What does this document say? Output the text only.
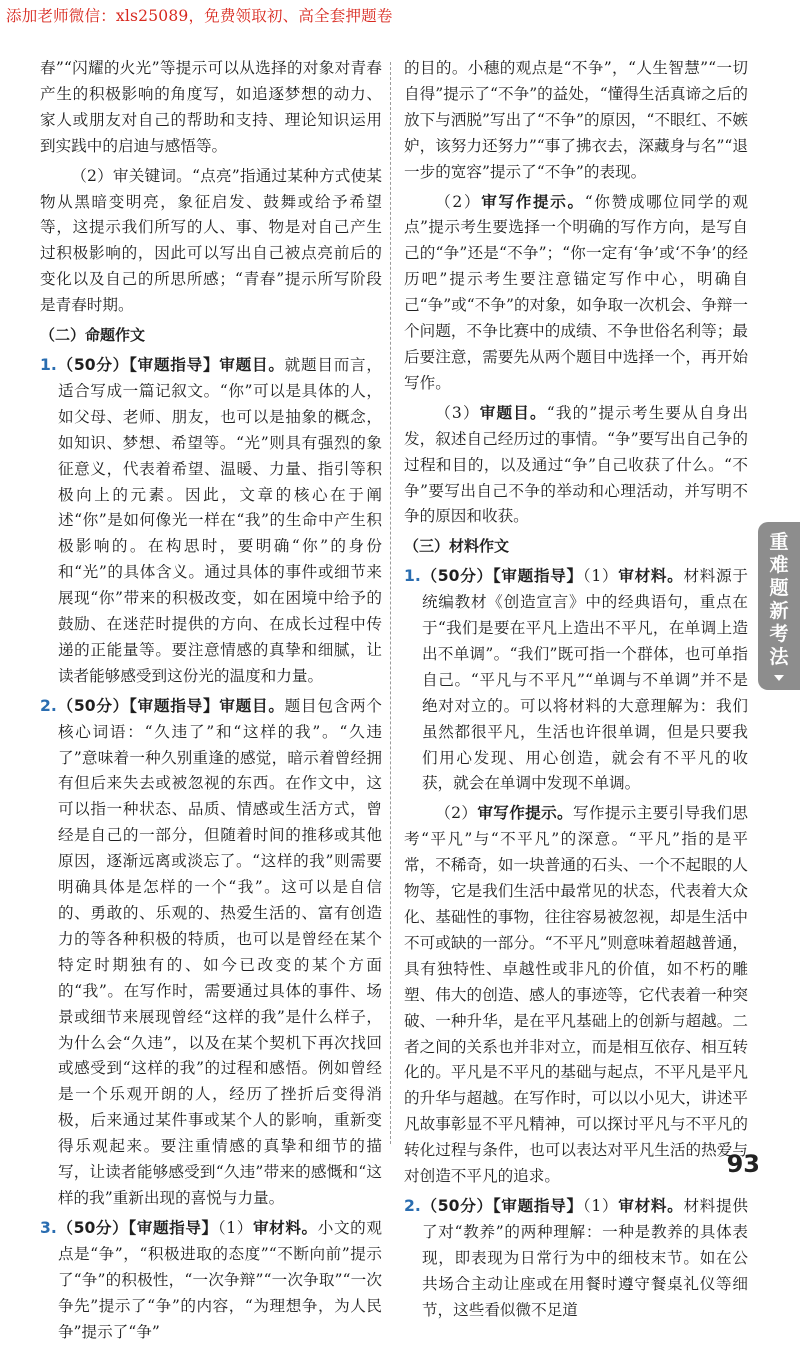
添加老师微信：xls25089，免费领取初、高全套押题卷

春”“闪耀的火光”等提示可以从选择的对象对青春产生的积极影响的角度写，如追逐梦想的动力、家人或朋友对自己的帮助和支持、理论知识运用到实践中的启迪与感悟等。

（2）审关键词。“点亮”指通过某种方式使某物从黑暗变明亮，象征启发、鼓舞或给予希望等，这提示我们所写的人、事、物是对自己产生过积极影响的，因此可以写出自己被点亮前后的变化以及自己的所思所感；“青春”提示所写阶段是青春时期。

（二）命题作文

1.（50分）【审题指导】审题目。就题目而言，适合写成一篇记叙文。“你”可以是具体的人，如父母、老师、朋友，也可以是抽象的概念，如知识、梦想、希望等。“光”则具有强烈的象征意义，代表着希望、温暖、力量、指引等积极向上的元素。因此，文章的核心在于阐述“你”是如何像光一样在“我”的生命中产生积极影响的。在构思时，要明确“你”的身份和“光”的具体含义。通过具体的事件或细节来展现“你”带来的积极改变，如在困境中给予的鼓励、在迷茫时提供的方向、在成长过程中传递的正能量等。要注意情感的真挚和细腻，让读者能够感受到这份光的温度和力量。

2.（50分）【审题指导】审题目。题目包含两个核心词语：“久违了”和“这样的我”。“久违了”意味着一种久别重逢的感觉，暗示着曾经拥有但后来失去或被忽视的东西。在作文中，这可以指一种状态、品质、情感或生活方式，曾经是自己的一部分，但随着时间的推移或其他原因，逐渐远离或淡忘了。“这样的我”则需要明确具体是怎样的一个“我”。这可以是自信的、勇敢的、乐观的、热爱生活的、富有创造力的等各种积极的特质，也可以是曾经在某个特定时期独有的、如今已改变的某个方面的“我”。在写作时，需要通过具体的事件、场景或细节来展现曾经“这样的我”是什么样子，为什么会“久违”，以及在某个契机下再次找回或感受到“这样的我”的过程和感悟。例如曾经是一个乐观开朗的人，经历了挫折后变得消极，后来通过某件事或某个人的影响，重新变得乐观起来。要注重情感的真挚和细节的描写，让读者能够感受到“久违”带来的感慨和“这样的我”重新出现的喜悦与力量。

3.（50分）【审题指导】（1）审材料。小文的观点是“争”，“积极进取的态度”“不断向前”提示了“争”的积极性，“一次争辩”“一次争取”“一次争先”提示了“争”的内容，“为理想争，为人民争”提示了“争”

的目的。小穗的观点是“不争”，“人生智慧”“一切自得”提示了“不争”的益处，“懂得生活真谛之后的放下与洒脱”写出了“不争”的原因，“不眼红、不嫉妒，该努力还努力”“事了拂衣去，深藏身与名”“退一步的宽容”提示了“不争”的表现。

（2）审写作提示。“你赞成哪位同学的观点”提示考生要选择一个明确的写作方向，是写自己的“争”还是“不争”；“你一定有‘争’或‘不争’的经历吧”提示考生要注意锚定写作中心，明确自己“争”或“不争”的对象，如争取一次机会、争辩一个问题，不争比赛中的成绩、不争世俗名利等；最后要注意，需要先从两个题目中选择一个，再开始写作。

（3）审题目。“我的”提示考生要从自身出发，叙述自己经历过的事情。“争”要写出自己争的过程和目的，以及通过“争”自己收获了什么。“不争”要写出自己不争的举动和心理活动，并写明不争的原因和收获。

（三）材料作文

1.（50分）【审题指导】（1）审材料。材料源于统编教材《创造宣言》中的经典语句，重点在于“我们是要在平凡上造出不平凡，在单调上造出不单调”。“我们”既可指一个群体，也可单指自己。“平凡与不平凡”“单调与不单调”并不是绝对对立的。可以将材料的大意理解为：我们虽然都很平凡，生活也许很单调，但是只要我们用心发现、用心创造，就会有不平凡的收获，就会在单调中发现不单调。

（2）审写作提示。写作提示主要引导我们思考“平凡”与“不平凡”的深意。“平凡”指的是平常，不稀奇，如一块普通的石头、一个不起眼的人物等，它是我们生活中最常见的状态，代表着大众化、基础性的事物，往往容易被忽视，却是生活中不可或缺的一部分。“不平凡”则意味着超越普通，具有独特性、卓越性或非凡的价值，如不朽的雕塑、伟大的创造、感人的事迹等，它代表着一种突破、一种升华，是在平凡基础上的创新与超越。二者之间的关系也并非对立，而是相互依存、相互转化的。平凡是不平凡的基础与起点，不平凡是平凡的升华与超越。在写作时，可以以小见大，讲述平凡故事彰显不平凡精神，可以探讨平凡与不平凡的转化过程与条件，也可以表达对平凡生活的热爱与对创造不平凡的追求。

2.（50分）【审题指导】（1）审材料。材料提供了对“教养”的两种理解：一种是教养的具体表现，即表现为日常行为中的细枝末节。如在公共场合主动让座或在用餐时遵守餐桌礼仪等细节，这些看似微不足道

重
难
题
新
考
法
93
